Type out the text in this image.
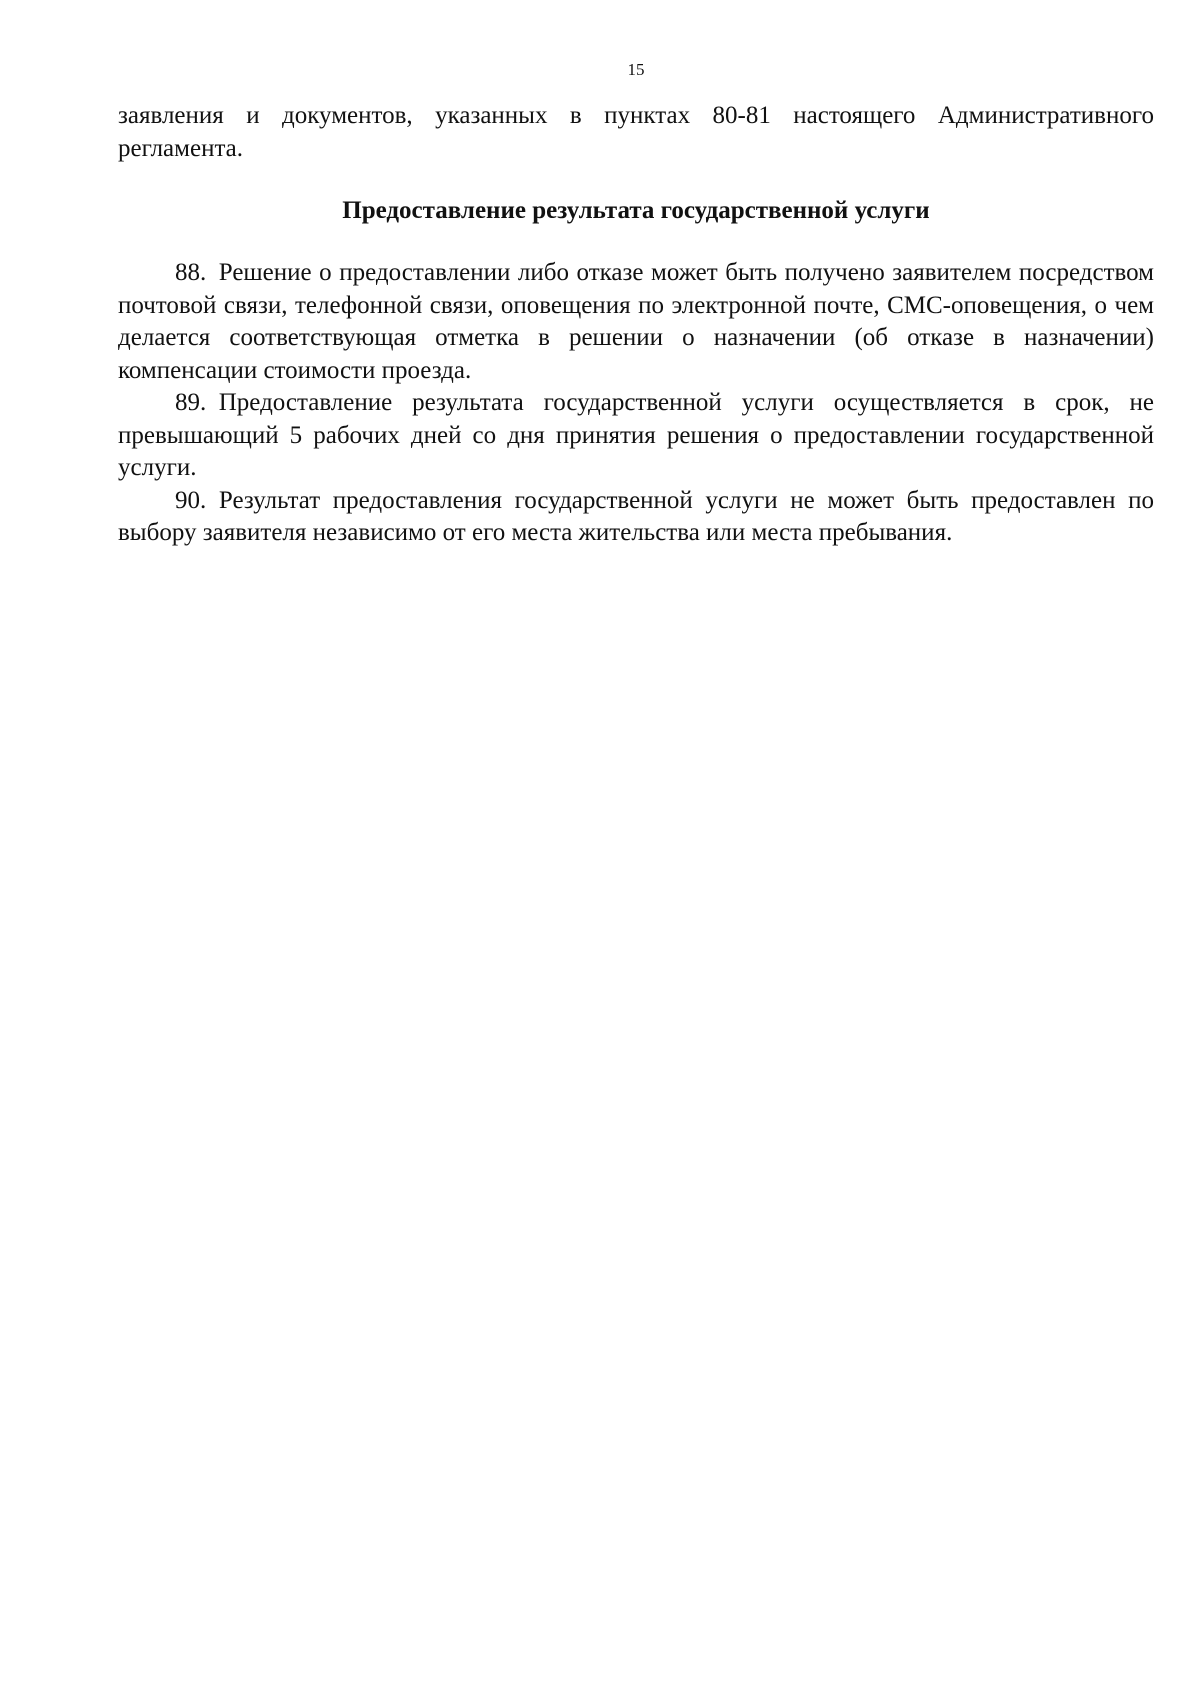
15

заявления и документов, указанных в пунктах 80-81 настоящего Административного регламента.

Предоставление результата государственной услуги

88. Решение о предоставлении либо отказе может быть получено заявителем посредством почтовой связи, телефонной связи, оповещения по электронной почте, СМС-оповещения, о чем делается соответствующая отметка в решении о назначении (об отказе в назначении) компенсации стоимости проезда.

89. Предоставление результата государственной услуги осуществляется в срок, не превышающий 5 рабочих дней со дня принятия решения о предоставлении государственной услуги.

90. Результат предоставления государственной услуги не может быть предоставлен по выбору заявителя независимо от его места жительства или места пребывания.
